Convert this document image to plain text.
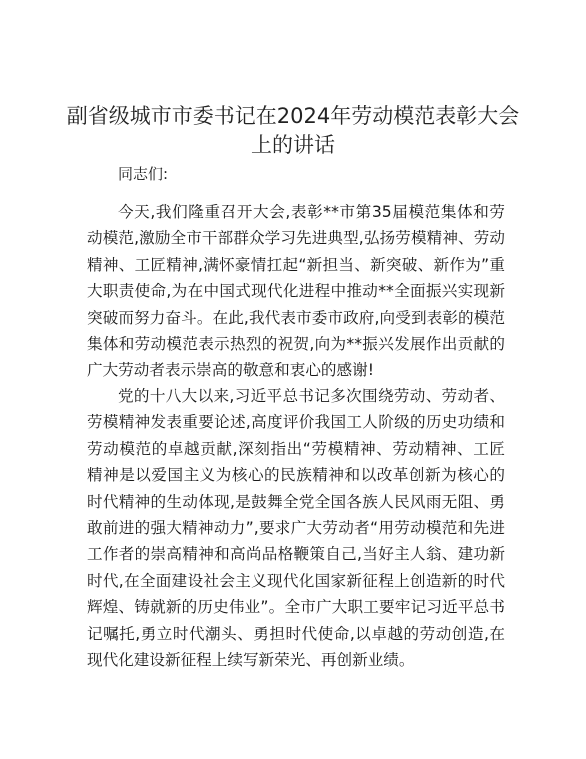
副省级城市市委书记在2024年劳动模范表彰大会上的讲话

同志们:

今天,我们隆重召开大会,表彰**市第35届模范集体和劳动模范,激励全市干部群众学习先进典型,弘扬劳模精神、劳动精神、工匠精神,满怀豪情扛起“新担当、新突破、新作为”重大职责使命,为在中国式现代化进程中推动**全面振兴实现新突破而努力奋斗。在此,我代表市委市政府,向受到表彰的模范集体和劳动模范表示热烈的祝贺,向为**振兴发展作出贡献的广大劳动者表示崇高的敬意和衷心的感谢!

党的十八大以来,习近平总书记多次围绕劳动、劳动者、劳模精神发表重要论述,高度评价我国工人阶级的历史功绩和劳动模范的卓越贡献,深刻指出“劳模精神、劳动精神、工匠精神是以爱国主义为核心的民族精神和以改革创新为核心的时代精神的生动体现,是鼓舞全党全国各族人民风雨无阻、勇敢前进的强大精神动力”,要求广大劳动者“用劳动模范和先进工作者的崇高精神和高尚品格鞭策自己,当好主人翁、建功新时代,在全面建设社会主义现代化国家新征程上创造新的时代辉煌、铸就新的历史伟业”。全市广大职工要牢记习近平总书记嘱托,勇立时代潮头、勇担时代使命,以卓越的劳动创造,在现代化建设新征程上续写新荣光、再创新业绩。
